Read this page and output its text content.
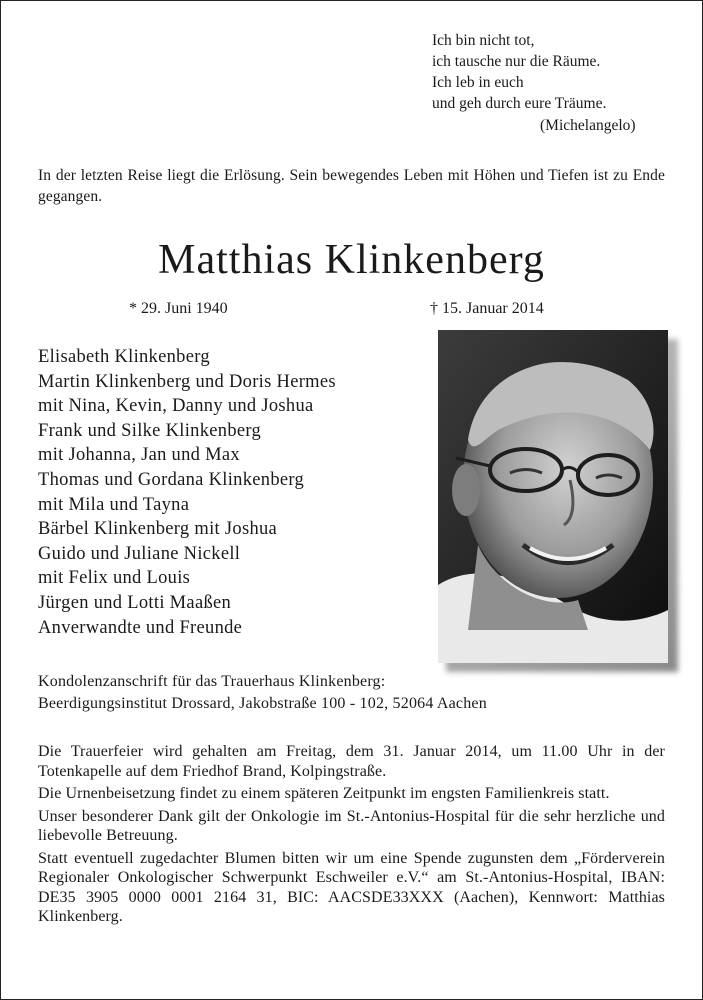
Ich bin nicht tot,
ich tausche nur die Räume.
Ich leb in euch
und geh durch eure Träume.
(Michelangelo)
In der letzten Reise liegt die Erlösung. Sein bewegendes Leben mit Höhen und Tiefen ist zu Ende gegangen.
Matthias Klinkenberg
* 29. Juni 1940	† 15. Januar 2014
Elisabeth Klinkenberg
Martin Klinkenberg und Doris Hermes
mit Nina, Kevin, Danny und Joshua
Frank und Silke Klinkenberg
mit Johanna, Jan und Max
Thomas und Gordana Klinkenberg
mit Mila und Tayna
Bärbel Klinkenberg mit Joshua
Guido und Juliane Nickell
mit Felix und Louis
Jürgen und Lotti Maaßen
Anverwandte und Freunde
Kondolenzanschrift für das Trauerhaus Klinkenberg:
Beerdigungsinstitut Drossard, Jakobstraße 100 - 102, 52064 Aachen

Die Trauerfeier wird gehalten am Freitag, dem 31. Januar 2014, um 11.00 Uhr in der Totenkapelle auf dem Friedhof Brand, Kolpingstraße.

Die Urnenbeisetzung findet zu einem späteren Zeitpunkt im engsten Familienkreis statt.

Unser besonderer Dank gilt der Onkologie im St.-Antonius-Hospital für die sehr herzliche und liebevolle Betreuung.

Statt eventuell zugedachter Blumen bitten wir um eine Spende zugunsten dem „Förderverein Regionaler Onkologischer Schwerpunkt Eschweiler e.V.“ am St.-Antonius-Hospital, IBAN: DE35 3905 0000 0001 2164 31, BIC: AACSDE33XXX (Aachen), Kennwort: Matthias Klinkenberg.
